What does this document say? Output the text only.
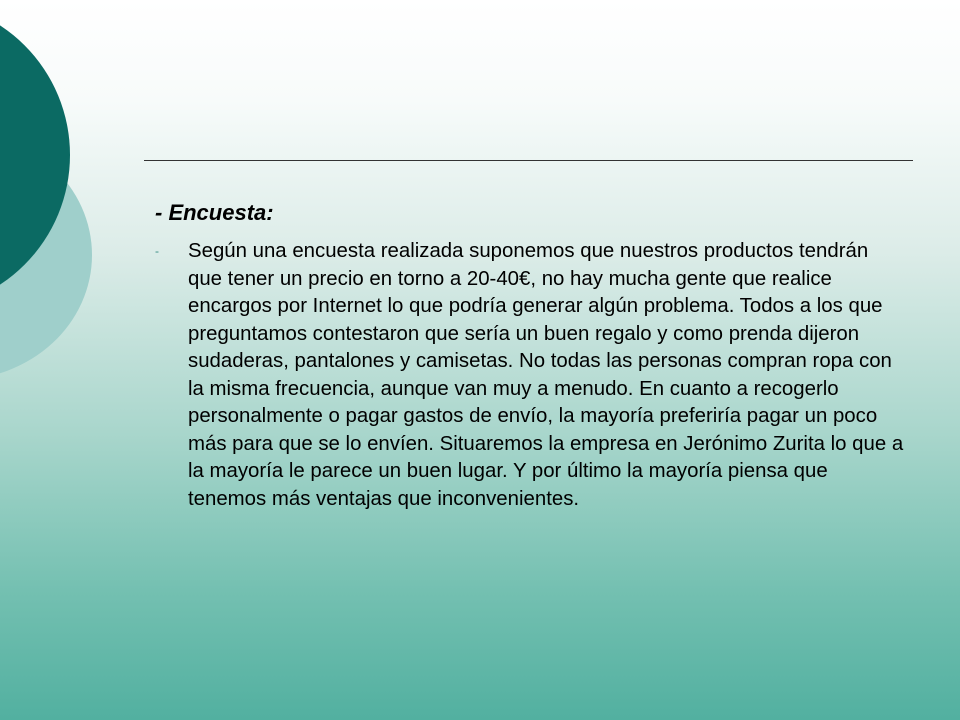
- Encuesta:
-	Según una encuesta realizada suponemos que nuestros productos tendrán que tener un precio en torno a 20-40€, no hay mucha gente que realice encargos por Internet lo que podría generar algún problema. Todos a los que preguntamos contestaron que sería un buen regalo y como prenda dijeron sudaderas, pantalones y camisetas. No todas las personas compran ropa con la misma frecuencia, aunque van muy a menudo. En cuanto a recogerlo personalmente o pagar gastos de envío, la mayoría preferiría pagar un poco más para que se lo envíen. Situaremos la empresa en Jerónimo Zurita lo que a la mayoría le parece un buen lugar. Y por último la mayoría piensa que tenemos más ventajas que inconvenientes.
